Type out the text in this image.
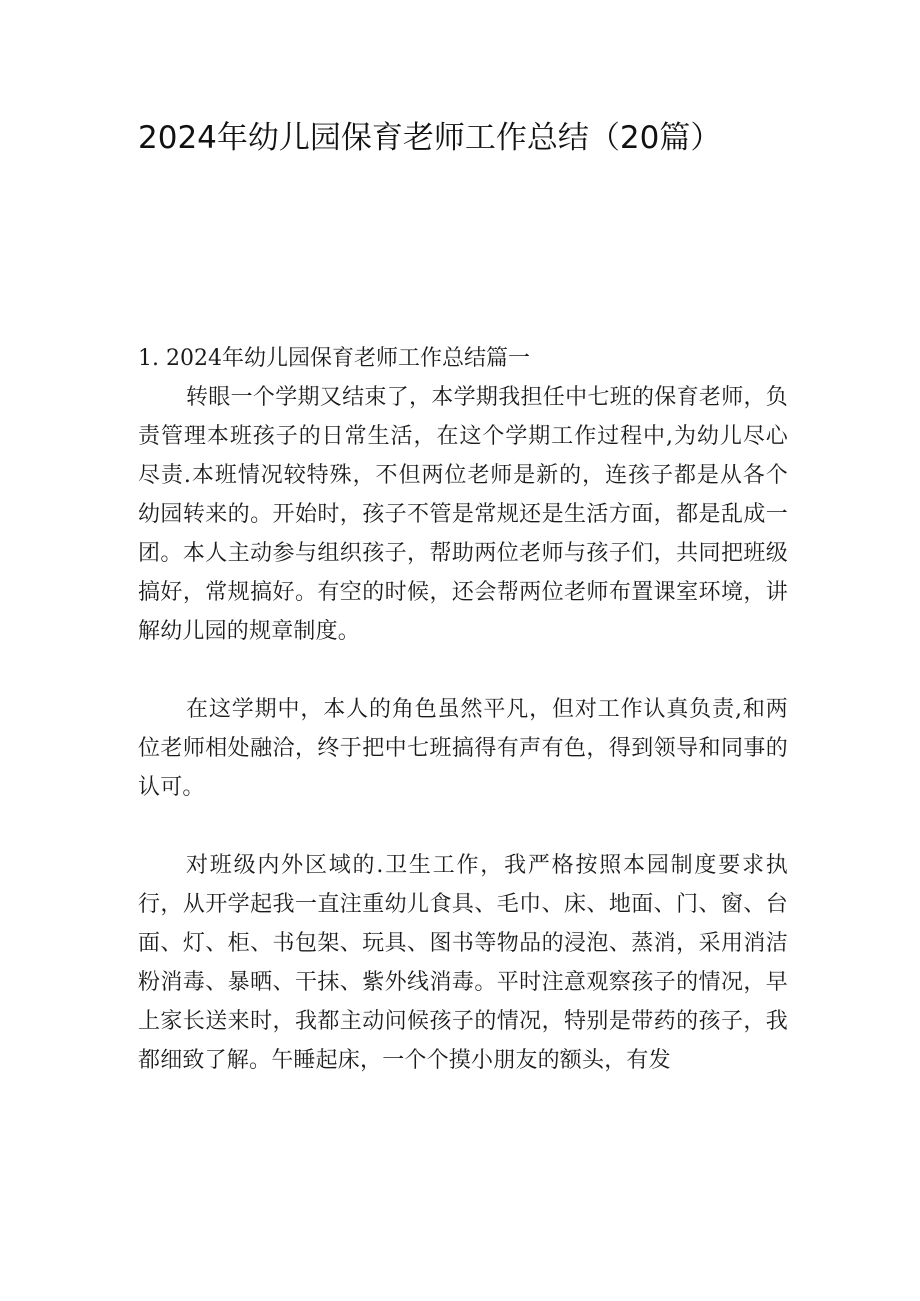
2024年幼儿园保育老师工作总结（20篇）
1. 2024年幼儿园保育老师工作总结篇一

转眼一个学期又结束了，本学期我担任中七班的保育老师，负责管理本班孩子的日常生活，在这个学期工作过程中,为幼儿尽心尽责.本班情况较特殊，不但两位老师是新的，连孩子都是从各个幼园转来的。开始时，孩子不管是常规还是生活方面，都是乱成一团。本人主动参与组织孩子，帮助两位老师与孩子们，共同把班级搞好，常规搞好。有空的时候，还会帮两位老师布置课室环境，讲解幼儿园的规章制度。

在这学期中，本人的角色虽然平凡，但对工作认真负责,和两位老师相处融洽，终于把中七班搞得有声有色，得到领导和同事的认可。

对班级内外区域的.卫生工作，我严格按照本园制度要求执行，从开学起我一直注重幼儿食具、毛巾、床、地面、门、窗、台面、灯、柜、书包架、玩具、图书等物品的浸泡、蒸消，采用消洁粉消毒、暴晒、干抹、紫外线消毒。平时注意观察孩子的情况，早上家长送来时，我都主动问候孩子的情况，特别是带药的孩子，我都细致了解。午睡起床，一个个摸小朋友的额头，有发
